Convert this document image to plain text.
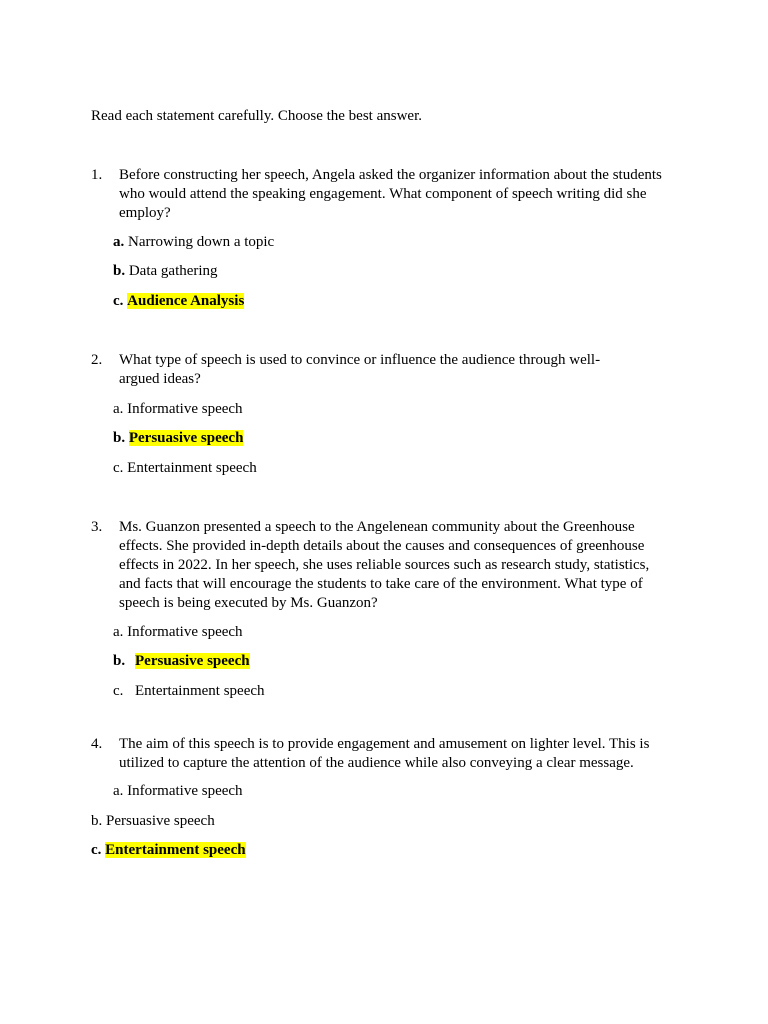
Read each statement carefully. Choose the best answer.

1. Before constructing her speech, Angela asked the organizer information about the students who would attend the speaking engagement. What component of speech writing did she employ?
a. Narrowing down a topic
b. Data gathering
c. Audience Analysis
2. What type of speech is used to convince or influence the audience through well-argued ideas?
a. Informative speech
b. Persuasive speech
c. Entertainment speech
3. Ms. Guanzon presented a speech to the Angelenean community about the Greenhouse effects. She provided in-depth details about the causes and consequences of greenhouse effects in 2022. In her speech, she uses reliable sources such as research study, statistics, and facts that will encourage the students to take care of the environment. What type of speech is being executed by Ms. Guanzon?
a. Informative speech
b. Persuasive speech
c. Entertainment speech
4. The aim of this speech is to provide engagement and amusement on lighter level. This is utilized to capture the attention of the audience while also conveying a clear message.
a. Informative speech
b. Persuasive speech
c. Entertainment speech
